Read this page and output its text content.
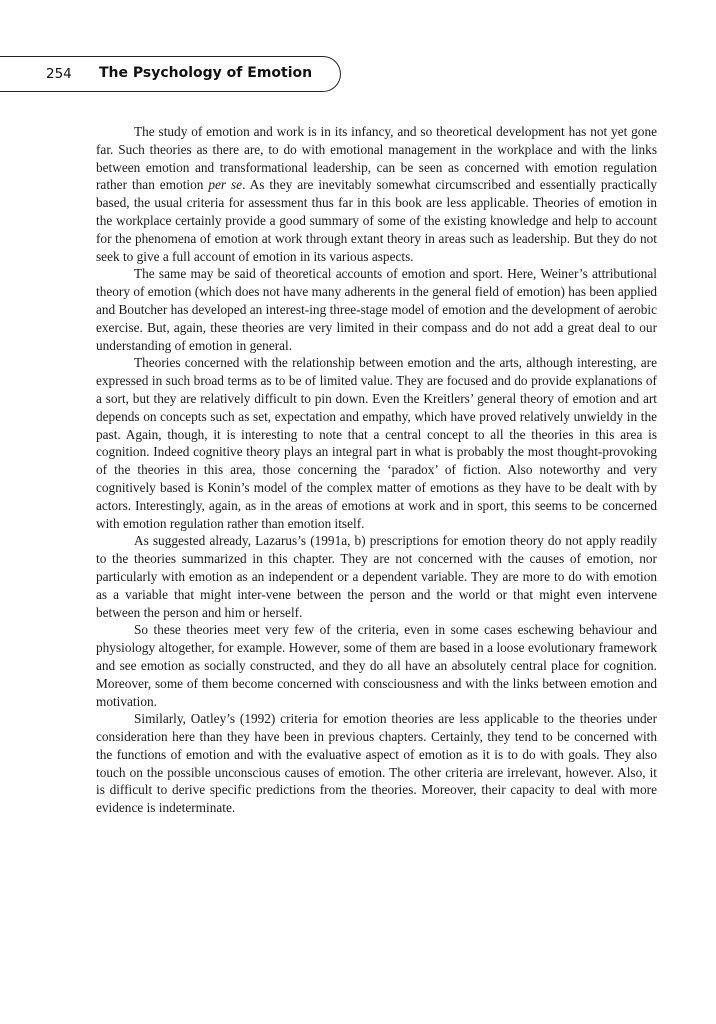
254 The Psychology of Emotion

The study of emotion and work is in its infancy, and so theoretical development has not yet gone far. Such theories as there are, to do with emotional management in the workplace and with the links between emotion and transformational leadership, can be seen as concerned with emotion regulation rather than emotion per se. As they are inevitably somewhat circumscribed and essentially practically based, the usual criteria for assessment thus far in this book are less applicable. Theories of emotion in the workplace certainly provide a good summary of some of the existing knowledge and help to account for the phenomena of emotion at work through extant theory in areas such as leadership. But they do not seek to give a full account of emotion in its various aspects.

The same may be said of theoretical accounts of emotion and sport. Here, Weiner’s attributional theory of emotion (which does not have many adherents in the general field of emotion) has been applied and Boutcher has developed an interest-ing three-stage model of emotion and the development of aerobic exercise. But, again, these theories are very limited in their compass and do not add a great deal to our understanding of emotion in general.

Theories concerned with the relationship between emotion and the arts, although interesting, are expressed in such broad terms as to be of limited value. They are focused and do provide explanations of a sort, but they are relatively difficult to pin down. Even the Kreitlers’ general theory of emotion and art depends on concepts such as set, expectation and empathy, which have proved relatively unwieldy in the past. Again, though, it is interesting to note that a central concept to all the theories in this area is cognition. Indeed cognitive theory plays an integral part in what is probably the most thought-provoking of the theories in this area, those concerning the ‘paradox’ of fiction. Also noteworthy and very cognitively based is Konin’s model of the complex matter of emotions as they have to be dealt with by actors. Interestingly, again, as in the areas of emotions at work and in sport, this seems to be concerned with emotion regulation rather than emotion itself.

As suggested already, Lazarus’s (1991a, b) prescriptions for emotion theory do not apply readily to the theories summarized in this chapter. They are not concerned with the causes of emotion, nor particularly with emotion as an independent or a dependent variable. They are more to do with emotion as a variable that might inter-vene between the person and the world or that might even intervene between the person and him or herself.

So these theories meet very few of the criteria, even in some cases eschewing behaviour and physiology altogether, for example. However, some of them are based in a loose evolutionary framework and see emotion as socially constructed, and they do all have an absolutely central place for cognition. Moreover, some of them become concerned with consciousness and with the links between emotion and motivation.

Similarly, Oatley’s (1992) criteria for emotion theories are less applicable to the theories under consideration here than they have been in previous chapters. Certainly, they tend to be concerned with the functions of emotion and with the evaluative aspect of emotion as it is to do with goals. They also touch on the possible unconscious causes of emotion. The other criteria are irrelevant, however. Also, it is difficult to derive specific predictions from the theories. Moreover, their capacity to deal with more evidence is indeterminate.
